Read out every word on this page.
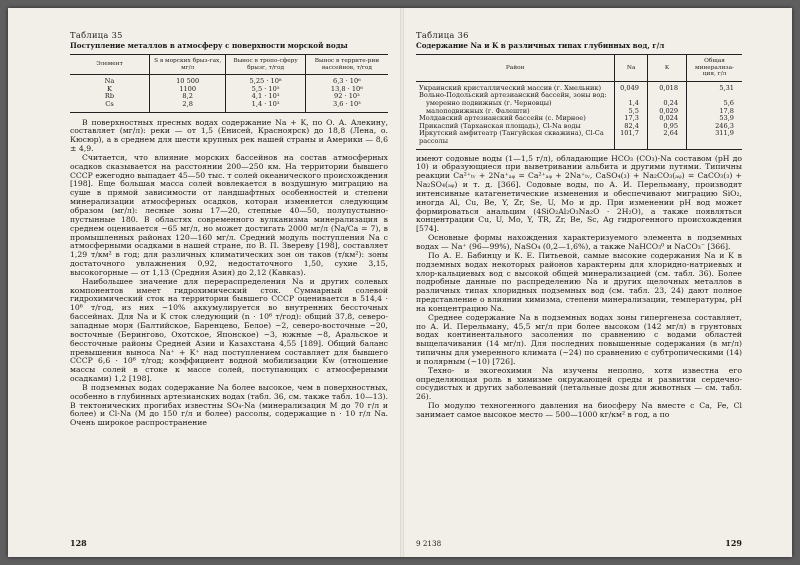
Таблица 35
Поступление металлов в атмосферу с поверхности морской воды
Элемент	S в морских брыз-гах, мг/л	Вынос в тропо-сферу брызг, т/год	Вынос в террите-рии вассейнов, т/год
Na	10 500	5,25 · 10⁸	6,3 · 10⁶
K	1100	5,5 · 10⁵	13,8 · 10⁶
Rb	8,2	4,1 · 10³	92 · 10³
Cs	2,8	1,4 · 10³	3,6 · 10³

В поверхностных пресных водах содержание Na + K, по О. А. Алекину, составляет (мг/л): реки — от 1,5 (Енисей, Красноярск) до 18,8 (Лена, о. Кюсюр), а в среднем для шести крупных рек нашей страны и Америки — 8,6 ± 4,9.

Считается, что влияние морских бассейнов на состав атмосферных осадков сказывается на расстоянии 200—250 км. На территории бывшего СССР ежегодно выпадает 45—50 тыс. т солей океанического происхождения [198]. Еще большая масса солей вовлекается в воздушную миграцию на суше в прямой зависимости от ландшафтных особенностей и степени минерализации атмосферных осадков, которая изменяется следующим образом (мг/л): лесные зоны 17—20, степные 40—50, полупустынно-пустынные 180. В областях современного вулканизма минерализация в среднем оценивается ~65 мг/л, но может достигать 2000 мг/л (Na/Ca = 7), в промышленных районах 120—160 мг/л. Средний модуль поступления Na с атмосферными осадками в нашей стране, по В. П. Звереву [198], составляет 1,29 т/км² в год; для различных климатических зон он таков (т/км²): зоны достаточного увлажнения 0,92, недостаточного 1,50, сухие 3,15, высокогорные — от 1,13 (Средняя Азия) до 2,12 (Кавказ).

Наибольшее значение для перераспределения Na и других солевых компонентов имеет гидрохимический сток. Суммарный солевой гидрохимический сток на территории бывшего СССР оценивается в 514,4 · 10⁶ т/год, из них ~10% аккумулируется во внутренних бессточных бассейнах. Для Na и K сток следующий (n · 10⁶ т/год): общий 37,8, северо-западные моря (Балтийское, Баренцево, Белое) ~2, северо-восточные ~20, восточные (Берингово, Охотское, Японское) ~3, южные ~8, Аральское и бессточные районы Средней Азии и Казахстана 4,55 [189]. Общий баланс превышения выноса Na⁺ + K⁺ над поступлением составляет для бывшего СССР 6,6 · 10⁶ т/год; коэффициент водной мобилизации Kw (отношение массы солей в стоке к массе солей, поступающих с атмосферными осадками) 1,2 [198].

В подземных водах содержание Na более высокое, чем в поверхностных, особенно в глубинных артезианских водах (табл. 36, см. также табл. 10—13). В тектонических прогибах известны SO₄-Na (минерализация М до 70 г/л и более) и Cl-Na (М до 150 г/л и более) рассолы, содержащие n · 10 г/л Na. Очень широкое распространение

128
Таблица 36
Содержание Na и K в различных типах глубинных вод, г/л
Район	Na	K	Общая минерализа-ция, г/л
Украинский кристаллический массив (г. Хмельник)	0,049	0,018	5,31
Вольно-Подольский артезианский бассейн, зоны вод:			
умеренно подвижных (г. Черновцы)	1,4	0,24	5,6
малоподвижных (г. Фалешти)	5,5	0,029	17,8
Молдавский артезианский бассейн (с. Мирное)	17,3	0,024	53,9
Прикаспий (Тарханская площадь), Cl-Na воды	82,4	0,95	246,3
Иркутский амфитеатр (Тангуйская скважина), Cl-Ca рассолы	101,7	2,64	311,9

имеют содовые воды (1—1,5 г/л), обладающие HCO₃ (CO₃)-Na составом (pH до 10) и образующиеся при выветривании альбита и другими путями. Типичны реакции Ca²⁺ₜᵥ + 2Na⁺ₐᵩ = Ca²⁺ₐᵩ + 2Na⁺ₜᵥ, CaSO₄(₃) + Na₂CO₃(ₐᵩ) = CaCO₃(₃) + Na₂SO₄(ₐᵩ) и т. д. [366]. Содовые воды, по А. И. Перельману, производят интенсивные катагенетические изменения и обеспечивают миграцию SiO₂, иногда Al, Cu, Be, Y, Zr, Se, U, Mo и др. При изменении pH вод может формироваться анальцим (4SiO₂Al₂O₃Na₂O · 2H₂O), а также появляться концентрации Cu, U, Mo, Y, TR, Zr, Be, Sc, Ag гидрогенного происхождения [574].

Основные формы нахождения характеризуемого элемента в подземных водах — Na⁺ (96—99%), NaSO₄ (0,2—1,6%), а также NaHCO₃⁰ и NaCO₃⁻ [366].

По А. Е. Бабинцу и К. Е. Питьевой, самые высокие содержания Na и K в подземных водах некоторых районов характерны для хлоридно-натриевых и хлор-кальциевых вод с высокой общей минерализацией (см. табл. 36). Более подробные данные по распределению Na и других щелочных металлов в различных типах хлоридных подземных вод (см. табл. 23, 24) дают полное представление о влиянии химизма, степени минерализации, температуры, pH на концентрацию Na.

Среднее содержание Na в подземных водах зоны гипергенеза составляет, по А. И. Перельману, 45,5 мг/л при более высоком (142 мг/л) в грунтовых водах континентального засоления по сравнению с водами областей выщелачивания (14 мг/л). Для последних повышенные содержания (в мг/л) типичны для умеренного климата (~24) по сравнению с субтропическими (14) и полярным (~10) [726].

Техно- и экогеохимия Na изучены неполно, хотя известна его определяющая роль в химизме окружающей среды и развитии сердечно-сосудистых и других заболеваний (летальные дозы для животных — см. табл. 26).

По модулю техногенного давления на биосферу Na вместе с Ca, Fe, Cl занимает самое высокое место — 500—1000 кг/км² в год, а по

9 2138	129
